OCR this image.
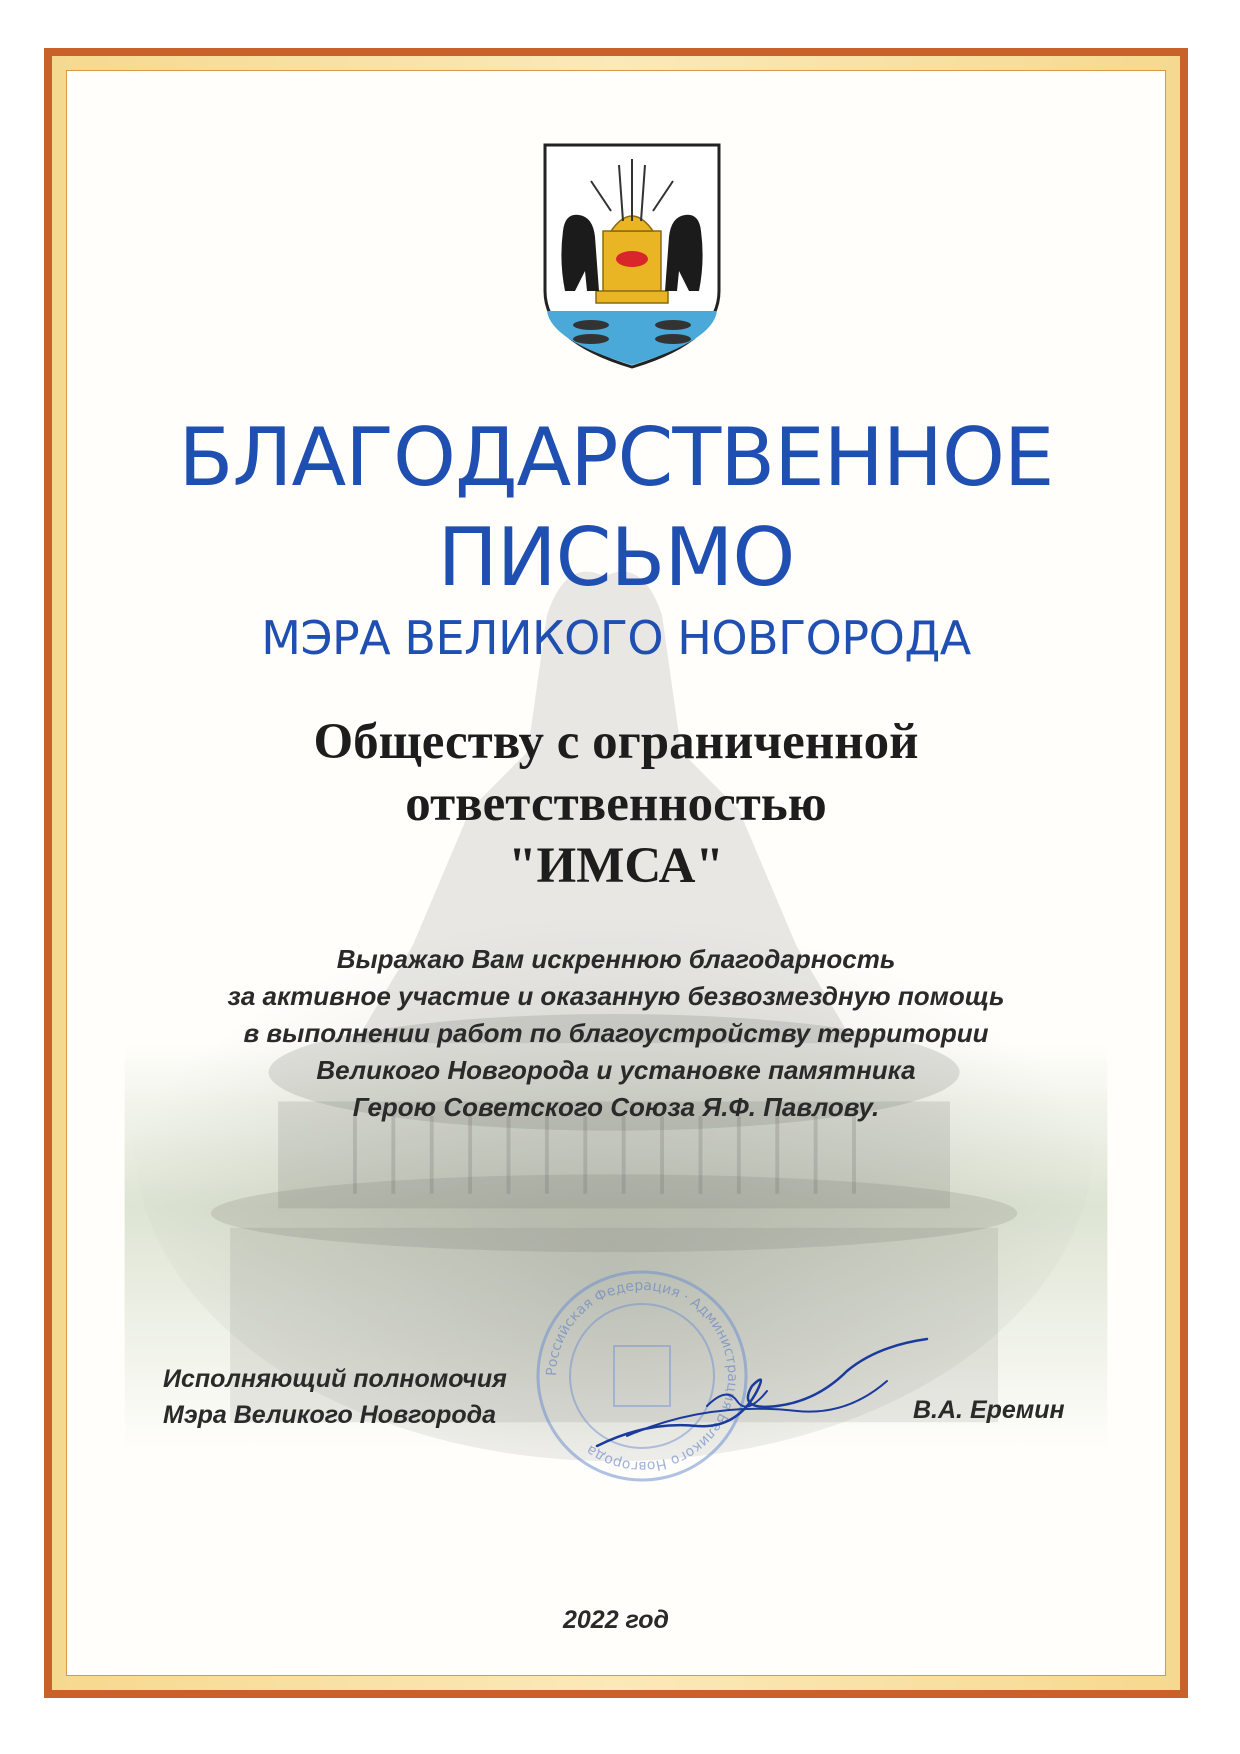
БЛАГОДАРСТВЕННОЕ
ПИСЬМО
МЭРА ВЕЛИКОГО НОВГОРОДА
Обществу с ограниченной
ответственностью
"ИМСА"
Выражаю Вам искреннюю благодарность
за активное участие и оказанную безвозмездную помощь
в выполнении работ по благоустройству территории
Великого Новгорода и установке памятника
Герою Советского Союза Я.Ф. Павлову.
Российская Федерация · Администрация Великого Новгорода
Исполняющий полномочия
Мэра Великого Новгорода	В.А. Еремин
2022 год
